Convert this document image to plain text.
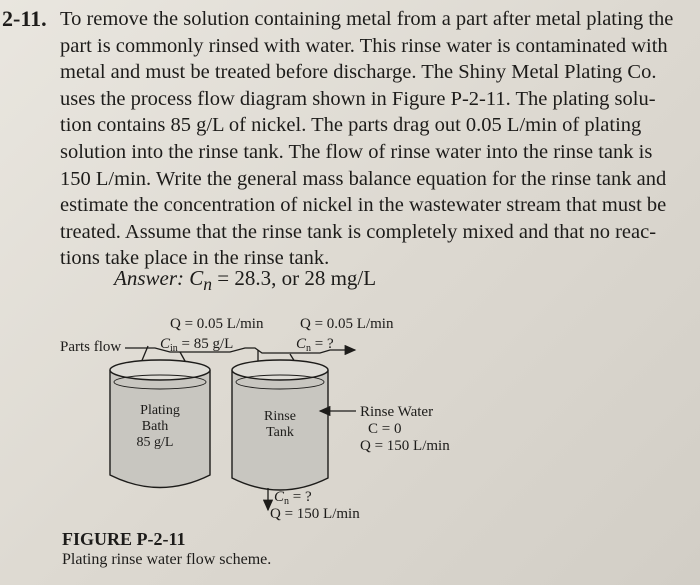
2-11. To remove the solution containing metal from a part after metal plating the

part is commonly rinsed with water. This rinse water is contaminated with

metal and must be treated before discharge. The Shiny Metal Plating Co.

uses the process flow diagram shown in Figure P-2-11. The plating solu-

tion contains 85 g/L of nickel. The parts drag out 0.05 L/min of plating

solution into the rinse tank. The flow of rinse water into the rinse tank is

150 L/min. Write the general mass balance equation for the rinse tank and

estimate the concentration of nickel in the wastewater stream that must be

treated. Assume that the rinse tank is completely mixed and that no reac-

tions take place in the rinse tank.

Answer: $C_n = 28.3$, or 28 mg/L
Parts flow
Q = 0.05 L/min
$C_{in} = 85$ g/L
Q = 0.05 L/min
$C_n$ = ?
Plating
Bath
85 g/L
Rinse
Tank
Rinse Water
C = 0
Q = 150 L/min
$C_n$ = ?
Q = 150 L/min
FIGURE P-2-11
Plating rinse water flow scheme.
